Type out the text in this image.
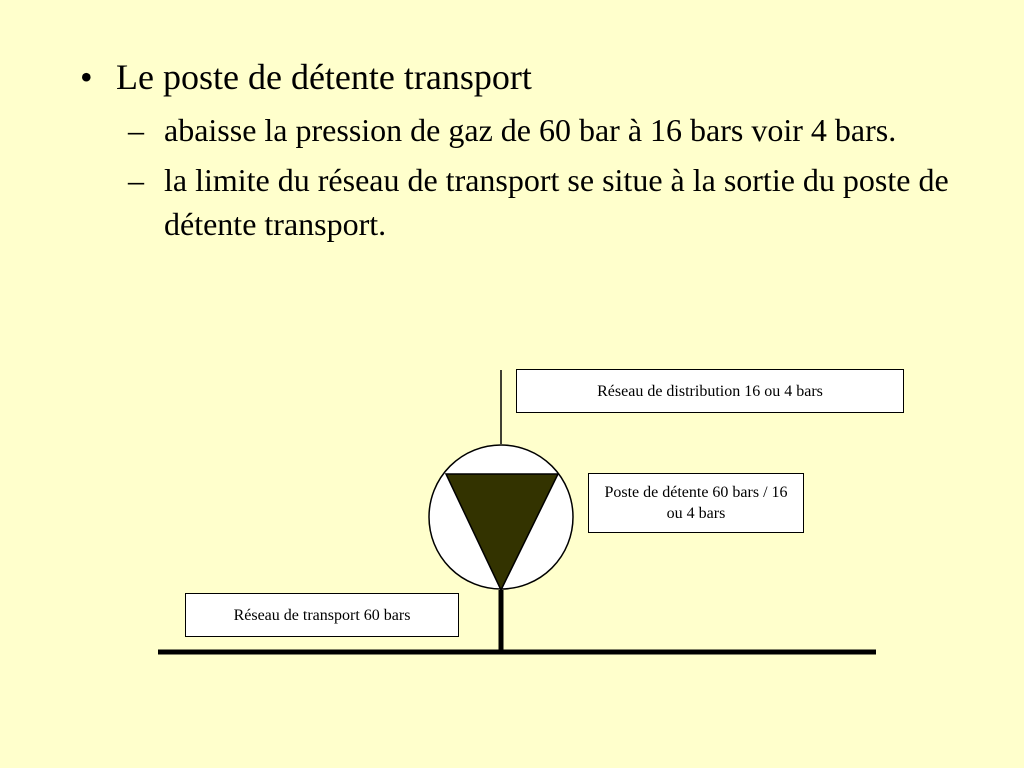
• Le poste de détente transport

– abaisse la pression de gaz de 60 bar à 16 bars voir 4 bars.

– la limite du réseau de transport se situe à la sortie du poste de détente transport.

Réseau de distribution 16 ou 4 bars
Poste de détente 60 bars / 16 ou 4 bars
Réseau de transport 60 bars
